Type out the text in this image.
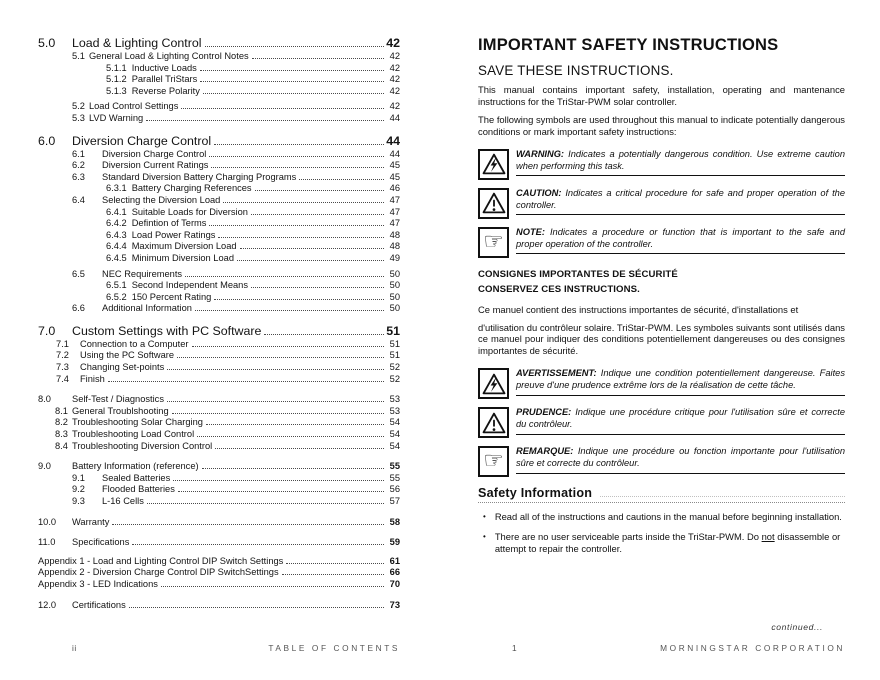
5.0	Load & Lighting Control	42
5.1 General Load & Lighting Control Notes	42
5.1.1 Inductive Loads	42
5.1.2 Parallel TriStars	42
5.1.3 Reverse Polarity	42
5.2 Load Control Settings	42
5.3 LVD Warning	44
6.0	Diversion Charge Control	44
6.1	Diversion Charge Control	44
6.2	Diversion Current Ratings	45
6.3	Standard Diversion Battery Charging Programs	45
6.3.1 Battery Charging References	46
6.4	Selecting the Diversion Load	47
6.4.1 Suitable Loads for Diversion	47
6.4.2 Defintion of Terms	47
6.4.3 Load Power Ratings	48
6.4.4 Maximum Diversion Load	48
6.4.5 Minimum Diversion Load	49
6.5	NEC Requirements	50
6.5.1 Second Independent Means	50
6.5.2 150 Percent Rating	50
6.6	Additional Information	50
7.0	Custom Settings with PC Software	51
7.1	Connection to a Computer	51
7.2	Using the PC Software	51
7.3	Changing Set-points	52
7.4	Finish	52
8.0	Self-Test / Diagnostics	53
8.1 General Troublshooting	53
8.2 Troubleshooting Solar Charging	54
8.3 Troubleshooting Load Control	54
8.4 Troubleshooting Diversion Control	54
9.0	Battery Information (reference)	55
9.1	Sealed Batteries	55
9.2	Flooded Batteries	56
9.3	L-16 Cells	57
10.0	Warranty	58
11.0	Specifications	59
Appendix 1 - Load and Lighting Control DIP Switch Settings	61
Appendix 2 - Diversion Charge Control DIP SwitchSettings	66
Appendix 3 - LED Indications	70
12.0	Certifications	73
ii	TABLE OF CONTENTS
IMPORTANT SAFETY INSTRUCTIONS
SAVE THESE INSTRUCTIONS.

This manual contains important safety, installation, operating and mantenance instructions for the TriStar-PWM solar controller.

The following symbols are used throughout this manual to indicate potentially dangerous conditions or mark important safety instructions:

WARNING: Indicates a potentially dangerous condition. Use extreme caution when performing this task.
CAUTION: Indicates a critical procedure for safe and proper operation of the controller.
☞ NOTE: Indicates a procedure or function that is important to the safe and proper operation of the controller.
CONSIGNES IMPORTANTES DE SÉCURITÉ
CONSERVEZ CES INSTRUCTIONS.

Ce manuel contient des instructions importantes de sécurité, d'installations et

d'utilisation du contrôleur solaire. TriStar-PWM. Les symboles suivants sont utilisés dans ce manuel pour indiquer des conditions potentiellement dangereuses ou des consignes importantes de sécurité.

AVERTISSEMENT: Indique une condition potentiellement dangereuse. Faites preuve d'une prudence extrême lors de la réalisation de cette tâche.
PRUDENCE: Indique une procédure critique pour l'utilisation sûre et correcte du contrôleur.
☞ REMARQUE: Indique une procédure ou fonction importante pour l'utilisation sûre et correcte du contrôleur.
Safety Information
• Read all of the instructions and cautions in the manual before beginning installation.
• There are no user serviceable parts inside the TriStar-PWM. Do not disassemble or attempt to repair the controller.
continued...
1	MORNINGSTAR CORPORATION
